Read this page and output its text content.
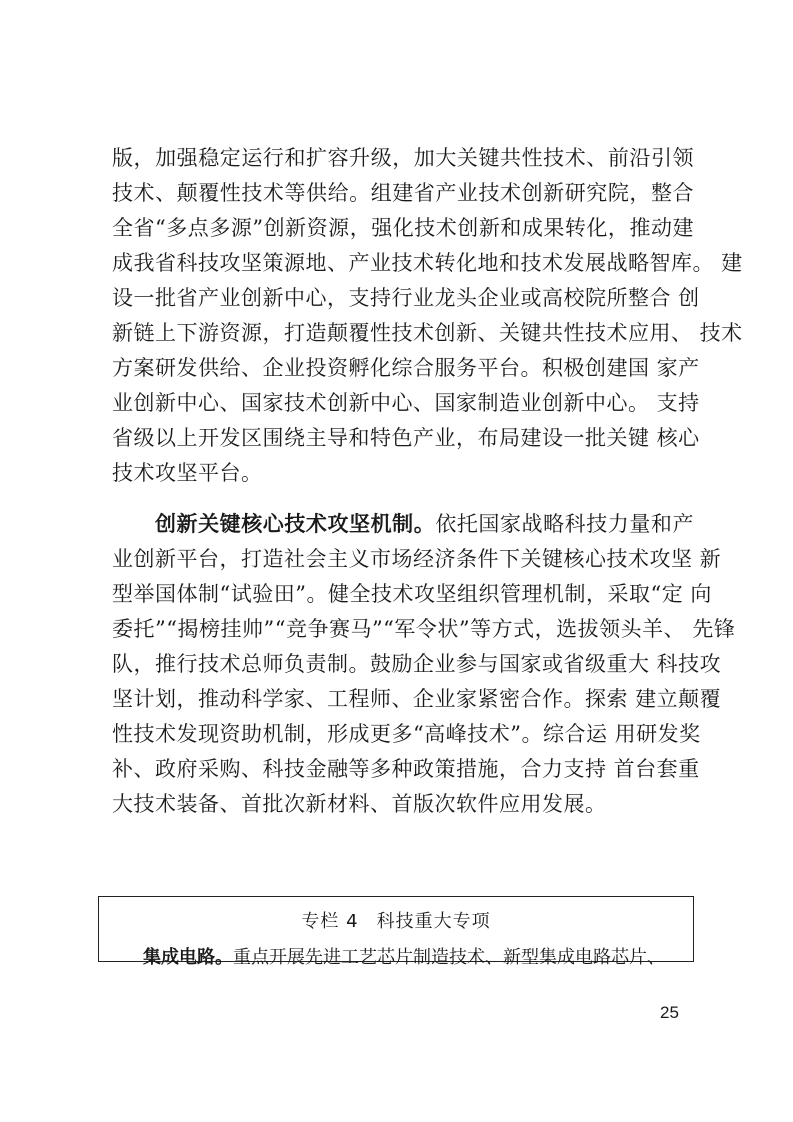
版，加强稳定运行和扩容升级，加大关键共性技术、前沿引领
技术、颠覆性技术等供给。组建省产业技术创新研究院，整合
全省“多点多源”创新资源，强化技术创新和成果转化，推动建
成我省科技攻坚策源地、产业技术转化地和技术发展战略智库。 建
设一批省产业创新中心，支持行业龙头企业或高校院所整合 创
新链上下游资源，打造颠覆性技术创新、关键共性技术应用、 技术
方案研发供给、企业投资孵化综合服务平台。积极创建国 家产
业创新中心、国家技术创新中心、国家制造业创新中心。 支持
省级以上开发区围绕主导和特色产业，布局建设一批关键 核心
技术攻坚平台。
创新关键核心技术攻坚机制。依托国家战略科技力量和产
业创新平台，打造社会主义市场经济条件下关键核心技术攻坚 新
型举国体制“试验田”。健全技术攻坚组织管理机制，采取“定 向
委托”“揭榜挂帅”“竞争赛马”“军令状”等方式，选拔领头羊、 先锋
队，推行技术总师负责制。鼓励企业参与国家或省级重大 科技攻
坚计划，推动科学家、工程师、企业家紧密合作。探索 建立颠覆
性技术发现资助机制，形成更多“高峰技术”。综合运 用研发奖
补、政府采购、科技金融等多种政策措施，合力支持 首台套重
大技术装备、首批次新材料、首版次软件应用发展。
专栏 4 科技重大专项
集成电路。重点开展先进工艺芯片制造技术、新型集成电路芯片、
25
